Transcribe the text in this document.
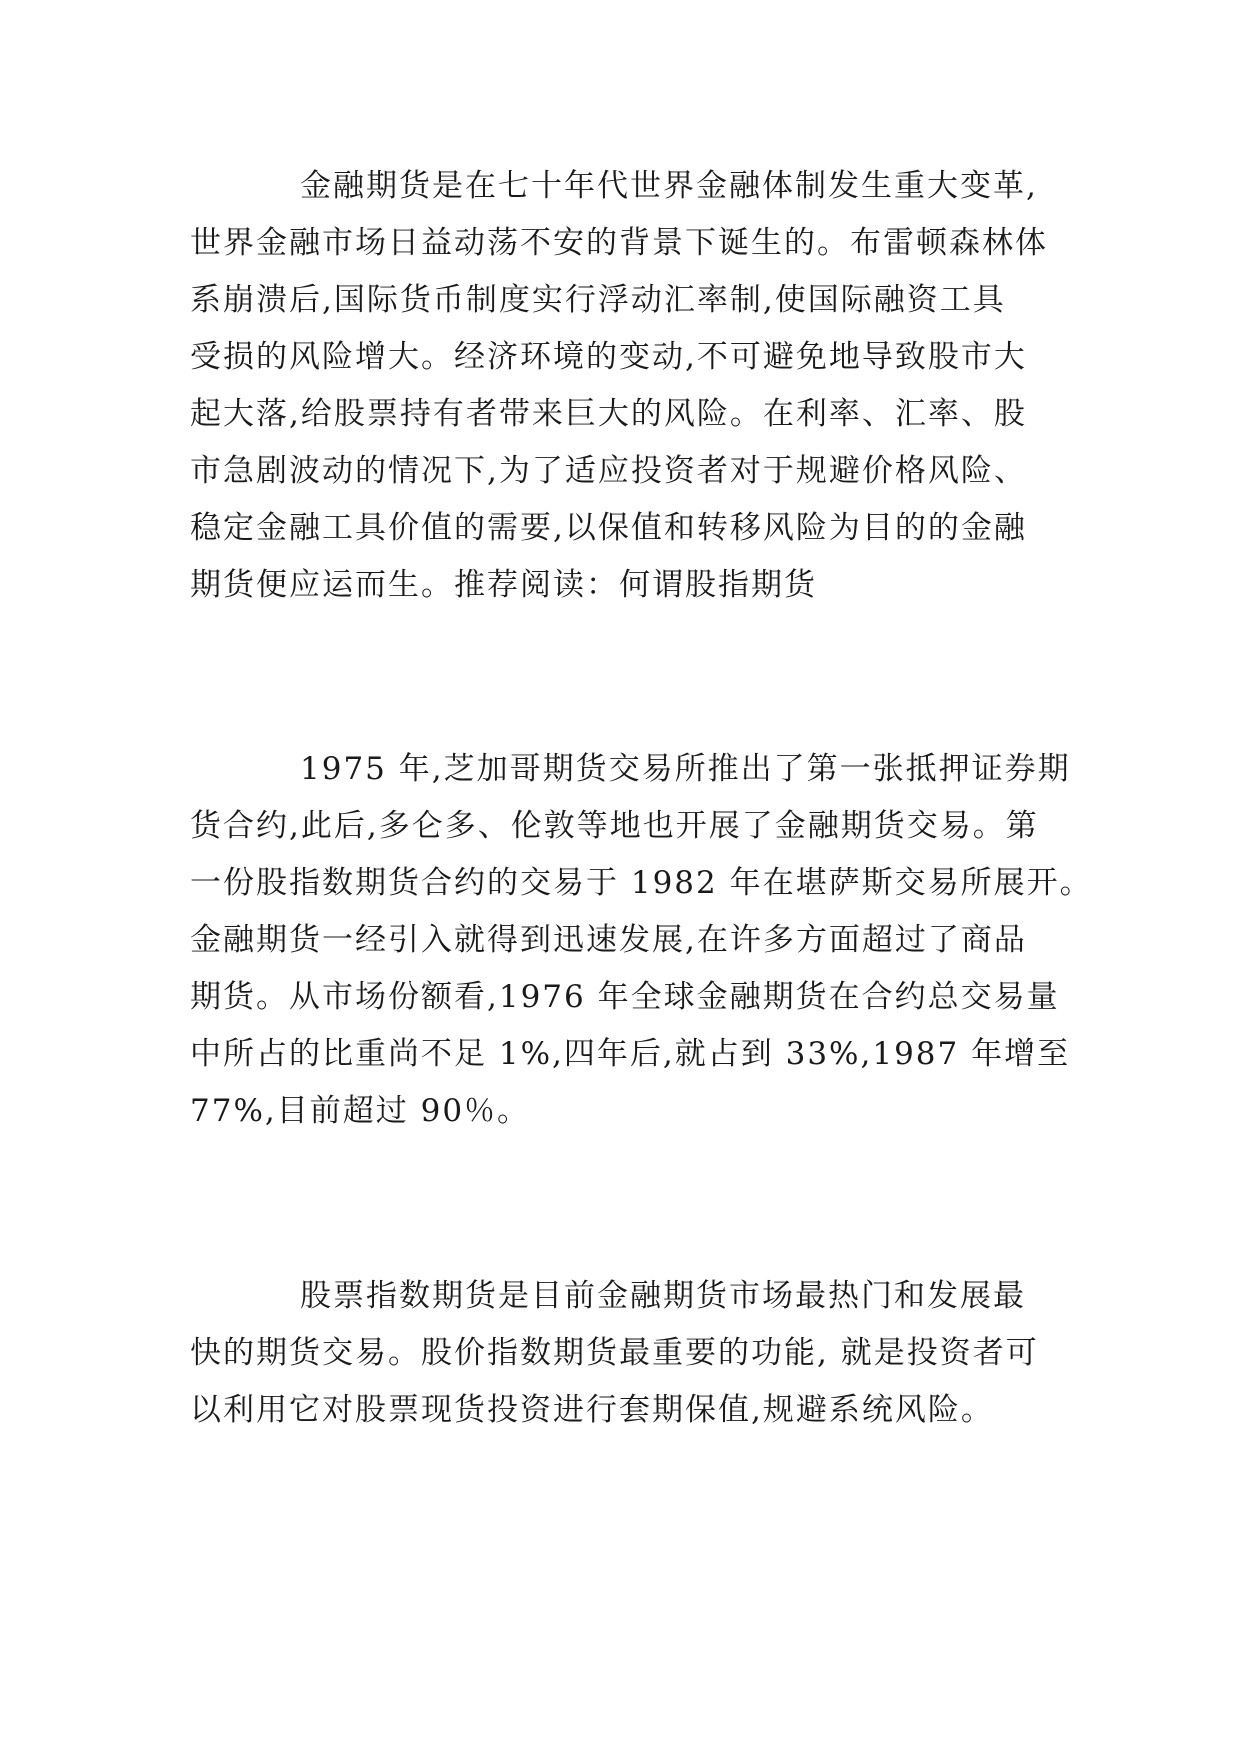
金融期货是在七十年代世界金融体制发生重大变革,
世界金融市场日益动荡不安的背景下诞生的。布雷顿森林体
系崩溃后,国际货币制度实行浮动汇率制,使国际融资工具
受损的风险增大。经济环境的变动,不可避免地导致股市大
起大落,给股票持有者带来巨大的风险。在利率、汇率、股
市急剧波动的情况下,为了适应投资者对于规避价格风险、
稳定金融工具价值的需要,以保值和转移风险为目的的金融
期货便应运而生。推荐阅读：何谓股指期货
1975 年,芝加哥期货交易所推出了第一张抵押证券期
货合约,此后,多仑多、伦敦等地也开展了金融期货交易。第
一份股指数期货合约的交易于 1982 年在堪萨斯交易所展开。
金融期货一经引入就得到迅速发展,在许多方面超过了商品
期货。从市场份额看,1976 年全球金融期货在合约总交易量
中所占的比重尚不足 1%,四年后,就占到 33%,1987 年增至
77%,目前超过 90％。
股票指数期货是目前金融期货市场最热门和发展最
快的期货交易。股价指数期货最重要的功能, 就是投资者可
以利用它对股票现货投资进行套期保值,规避系统风险。
